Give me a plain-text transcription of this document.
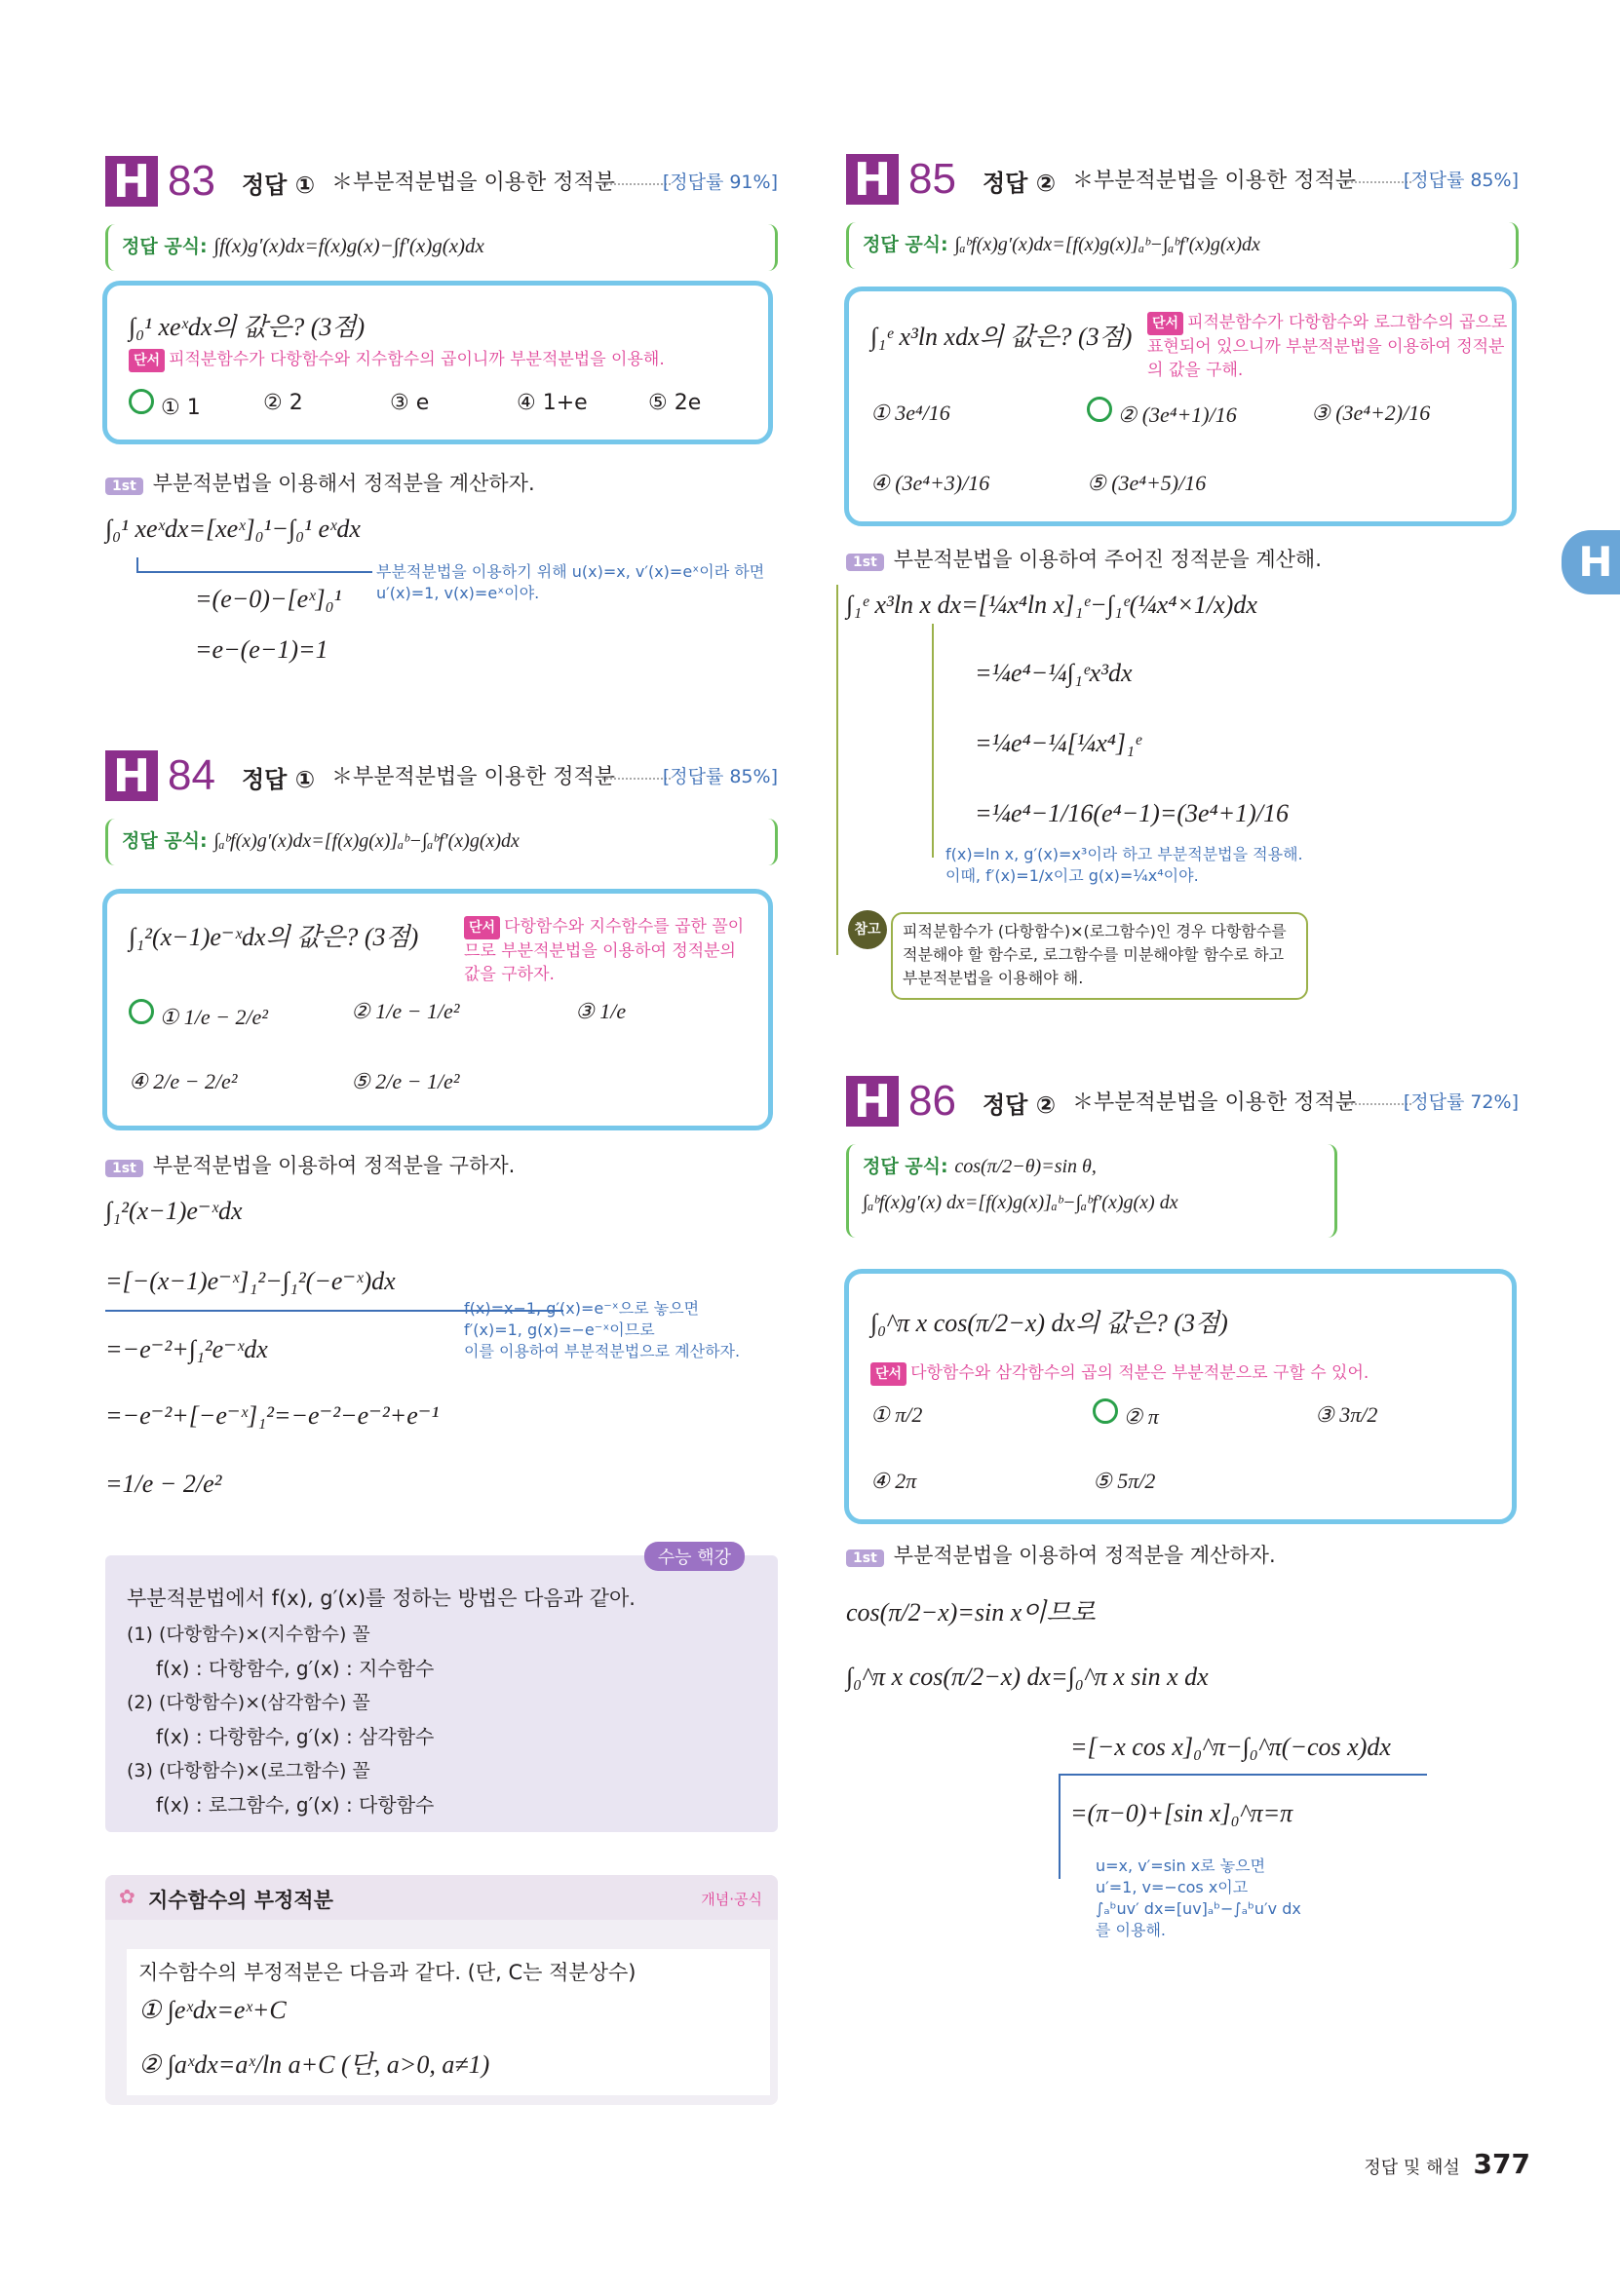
H 83 정답 ① ＊부분적분법을 이용한 정적분	[정답률 91%]
정답 공식: ∫f(x)g′(x)dx=f(x)g(x)−∫f′(x)g(x)dx
∫₀¹ xeˣdx의 값은? (3점)
단서 피적분함수가 다항함수와 지수함수의 곱이니까 부분적분법을 이용해.
① 1	② 2	③ e	④ 1+e	⑤ 2e
1st 부분적분법을 이용해서 정적분을 계산하자.
∫₀¹ xeˣdx=[xeˣ]₀¹−∫₀¹ eˣdx
부분적분법을 이용하기 위해 u(x)=x, v′(x)=eˣ이라 하면
u′(x)=1, v(x)=eˣ이야.
=(e−0)−[eˣ]₀¹
=e−(e−1)=1
H 84 정답 ① ＊부분적분법을 이용한 정적분	[정답률 85%]
정답 공식: ∫ₐᵇf(x)g′(x)dx=[f(x)g(x)]ₐᵇ−∫ₐᵇf′(x)g(x)dx
∫₁²(x−1)e⁻ˣdx의 값은? (3점)	단서 다항함수와 지수함수를 곱한 꼴이므로 부분적분법을 이용하여 정적분의 값을 구하자.
① 1/e − 2/e²	② 1/e − 1/e²	③ 1/e
④ 2/e − 2/e²	⑤ 2/e − 1/e²
1st 부분적분법을 이용하여 정적분을 구하자.
∫₁²(x−1)e⁻ˣdx
=[−(x−1)e⁻ˣ]₁²−∫₁²(−e⁻ˣ)dx
f(x)=x−1, g′(x)=e⁻ˣ으로 놓으면
f′(x)=1, g(x)=−e⁻ˣ이므로
이를 이용하여 부분적분법으로 계산하자.
=−e⁻²+∫₁²e⁻ˣdx
=−e⁻²+[−e⁻ˣ]₁²=−e⁻²−e⁻²+e⁻¹
=1/e − 2/e²
수능 핵강
부분적분법에서 f(x), g′(x)를 정하는 방법은 다음과 같아.
(1) (다항함수)×(지수함수) 꼴
f(x) : 다항함수, g′(x) : 지수함수
(2) (다항함수)×(삼각함수) 꼴
f(x) : 다항함수, g′(x) : 삼각함수
(3) (다항함수)×(로그함수) 꼴
f(x) : 로그함수, g′(x) : 다항함수
✿ 지수함수의 부정적분	개념·공식
지수함수의 부정적분은 다음과 같다. (단, C는 적분상수)
① ∫eˣdx=eˣ+C
② ∫aˣdx=aˣ/ln a+C (단, a>0, a≠1)
H 85 정답 ② ＊부분적분법을 이용한 정적분	[정답률 85%]
정답 공식: ∫ₐᵇf(x)g′(x)dx=[f(x)g(x)]ₐᵇ−∫ₐᵇf′(x)g(x)dx
∫₁ᵉ x³ln xdx의 값은? (3점)	단서 피적분함수가 다항함수와 로그함수의 곱으로 표현되어 있으니까 부분적분법을 이용하여 정적분의 값을 구해.
① 3e⁴/16	② (3e⁴+1)/16	③ (3e⁴+2)/16
④ (3e⁴+3)/16	⑤ (3e⁴+5)/16
1st 부분적분법을 이용하여 주어진 정적분을 계산해.
∫₁ᵉ x³ln x dx=[¼x⁴ln x]₁ᵉ−∫₁ᵉ(¼x⁴×1/x)dx
=¼e⁴−¼∫₁ᵉx³dx
=¼e⁴−¼[¼x⁴]₁ᵉ
=¼e⁴−1/16(e⁴−1)=(3e⁴+1)/16
f(x)=ln x, g′(x)=x³이라 하고 부분적분법을 적용해.
이때, f′(x)=1/x이고 g(x)=¼x⁴이야.
참고	피적분함수가 (다항함수)×(로그함수)인 경우 다항함수를 적분해야 할 함수로, 로그함수를 미분해야할 함수로 하고 부분적분법을 이용해야 해.
H 86 정답 ② ＊부분적분법을 이용한 정적분	[정답률 72%]
정답 공식: cos(π/2−θ)=sin θ,
∫ₐᵇf(x)g′(x) dx=[f(x)g(x)]ₐᵇ−∫ₐᵇf′(x)g(x) dx
∫₀^π x cos(π/2−x) dx의 값은? (3점)
단서 다항함수와 삼각함수의 곱의 적분은 부분적분으로 구할 수 있어.
① π/2	② π	③ 3π/2
④ 2π	⑤ 5π/2
1st 부분적분법을 이용하여 정적분을 계산하자.
cos(π/2−x)=sin x이므로
∫₀^π x cos(π/2−x) dx=∫₀^π x sin x dx
=[−x cos x]₀^π−∫₀^π(−cos x)dx
=(π−0)+[sin x]₀^π=π
u=x, v′=sin x로 놓으면
u′=1, v=−cos x이고
∫ₐᵇuv′ dx=[uv]ₐᵇ−∫ₐᵇu′v dx
를 이용해.
H
정답 및 해설 377
